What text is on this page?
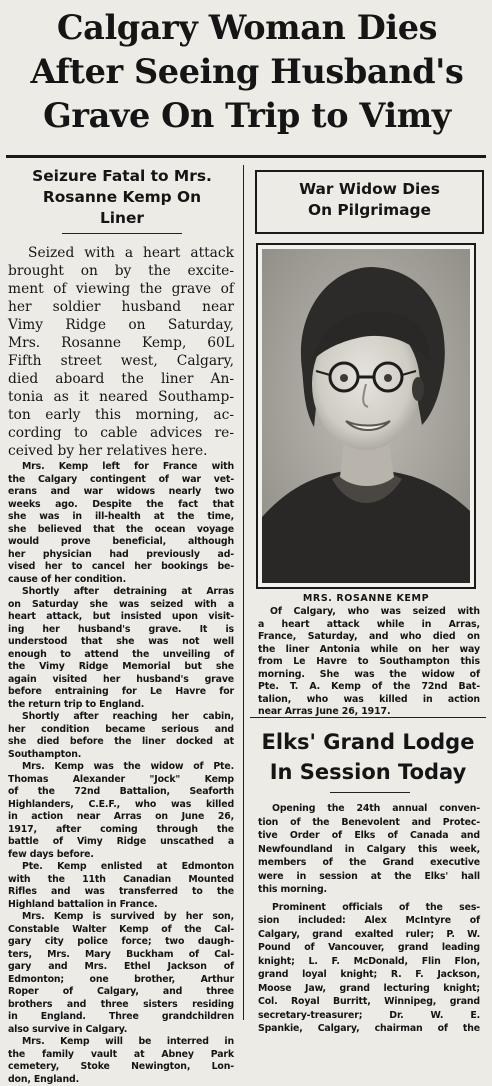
Calgary Woman Dies
After Seeing Husband's
Grave On Trip to Vimy
Seizure Fatal to Mrs.
Rosanne Kemp On
Liner
Seized with a heart attack
brought on by the excite-
ment of viewing the grave of
her soldier husband near
Vimy Ridge on Saturday,
Mrs. Rosanne Kemp, 60L
Fifth street west, Calgary,
died aboard the liner An-
tonia as it neared Southamp-
ton early this morning, ac-
cording to cable advices re-
ceived by her relatives here.
Mrs. Kemp left for France with
the Calgary contingent of war vet-
erans and war widows nearly two
weeks ago. Despite the fact that
she was in ill-health at the time,
she believed that the ocean voyage
would prove beneficial, although
her physician had previously ad-
vised her to cancel her bookings be-
cause of her condition.
Shortly after detraining at Arras
on Saturday she was seized with a
heart attack, but insisted upon visit-
ing her husband's grave. It is
understood that she was not well
enough to attend the unveiling of
the Vimy Ridge Memorial but she
again visited her husband's grave
before entraining for Le Havre for
the return trip to England.
Shortly after reaching her cabin,
her condition became serious and
she died before the liner docked at
Southampton.
Mrs. Kemp was the widow of Pte.
Thomas Alexander "Jock" Kemp
of the 72nd Battalion, Seaforth
Highlanders, C.E.F., who was killed
in action near Arras on June 26,
1917, after coming through the
battle of Vimy Ridge unscathed a
few days before.
Pte. Kemp enlisted at Edmonton
with the 11th Canadian Mounted
Rifles and was transferred to the
Highland battalion in France.
Mrs. Kemp is survived by her son,
Constable Walter Kemp of the Cal-
gary city police force; two daugh-
ters, Mrs. Mary Buckham of Cal-
gary and Mrs. Ethel Jackson of
Edmonton; one brother, Arthur
Roper of Calgary, and three
brothers and three sisters residing
in England. Three grandchildren
also survive in Calgary.
Mrs. Kemp will be interred in
the family vault at Abney Park
cemetery, Stoke Newington, Lon-
don, England.
War Widow Dies
On Pilgrimage
MRS. ROSANNE KEMP
Of Calgary, who was seized with
a heart attack while in Arras,
France, Saturday, and who died on
the liner Antonia while on her way
from Le Havre to Southampton this
morning. She was the widow of
Pte. T. A. Kemp of the 72nd Bat-
talion, who was killed in action
near Arras June 26, 1917.
Elks' Grand Lodge
In Session Today
Opening the 24th annual conven-
tion of the Benevolent and Protec-
tive Order of Elks of Canada and
Newfoundland in Calgary this week,
members of the Grand executive
were in session at the Elks' hall
this morning.
Prominent officials of the ses-
sion included: Alex McIntyre of
Calgary, grand exalted ruler; P. W.
Pound of Vancouver, grand leading
knight; L. F. McDonald, Flin Flon,
grand loyal knight; R. F. Jackson,
Moose Jaw, grand lecturing knight;
Col. Royal Burritt, Winnipeg, grand
secretary-treasurer; Dr. W. E.
Spankie, Calgary, chairman of the
